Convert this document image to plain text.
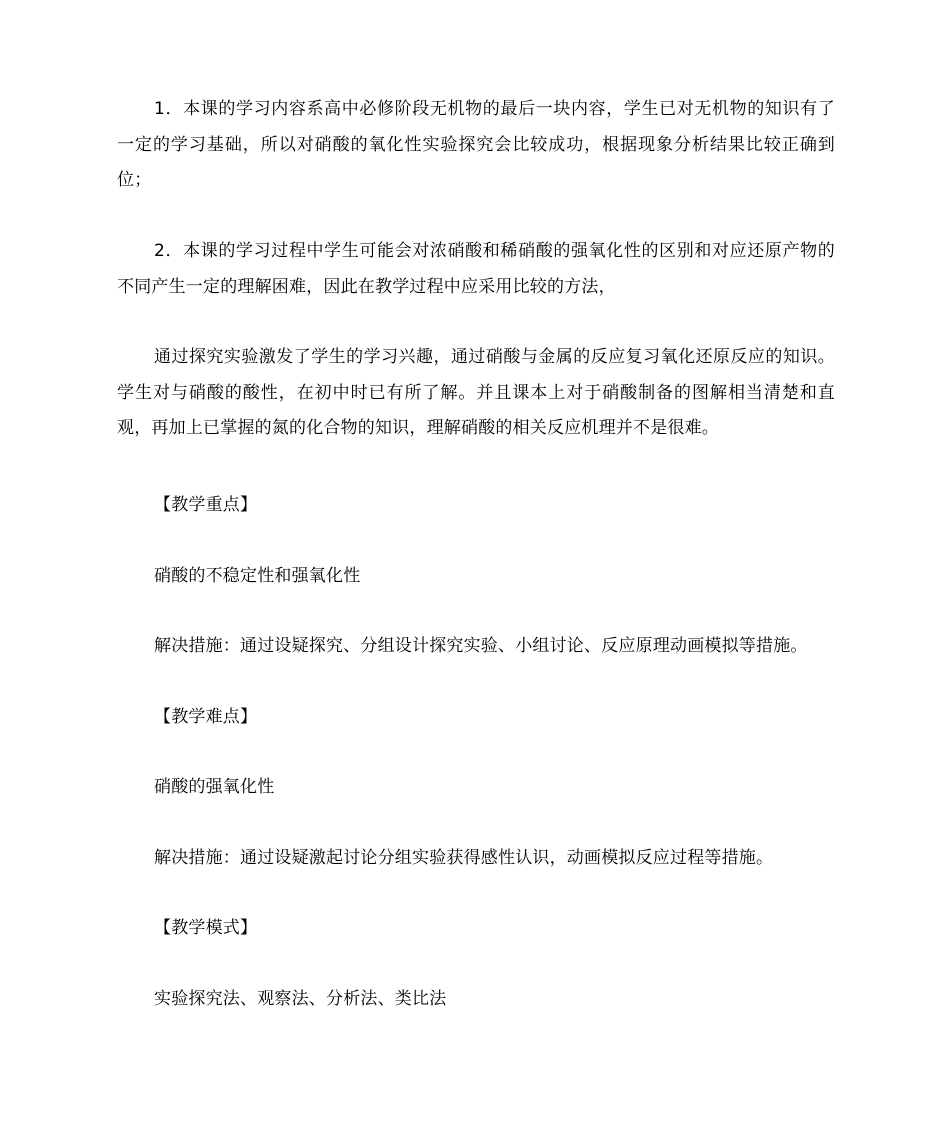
1．本课的学习内容系高中必修阶段无机物的最后一块内容，学生已对无机物的知识有了一定的学习基础，所以对硝酸的氧化性实验探究会比较成功，根据现象分析结果比较正确到位；

2．本课的学习过程中学生可能会对浓硝酸和稀硝酸的强氧化性的区别和对应还原产物的不同产生一定的理解困难，因此在教学过程中应采用比较的方法，

通过探究实验激发了学生的学习兴趣，通过硝酸与金属的反应复习氧化还原反应的知识。学生对与硝酸的酸性，在初中时已有所了解。并且课本上对于硝酸制备的图解相当清楚和直观，再加上已掌握的氮的化合物的知识，理解硝酸的相关反应机理并不是很难。

【教学重点】

硝酸的不稳定性和强氧化性

解决措施：通过设疑探究、分组设计探究实验、小组讨论、反应原理动画模拟等措施。

【教学难点】

硝酸的强氧化性

解决措施：通过设疑激起讨论分组实验获得感性认识，动画模拟反应过程等措施。

【教学模式】

实验探究法、观察法、分析法、类比法
